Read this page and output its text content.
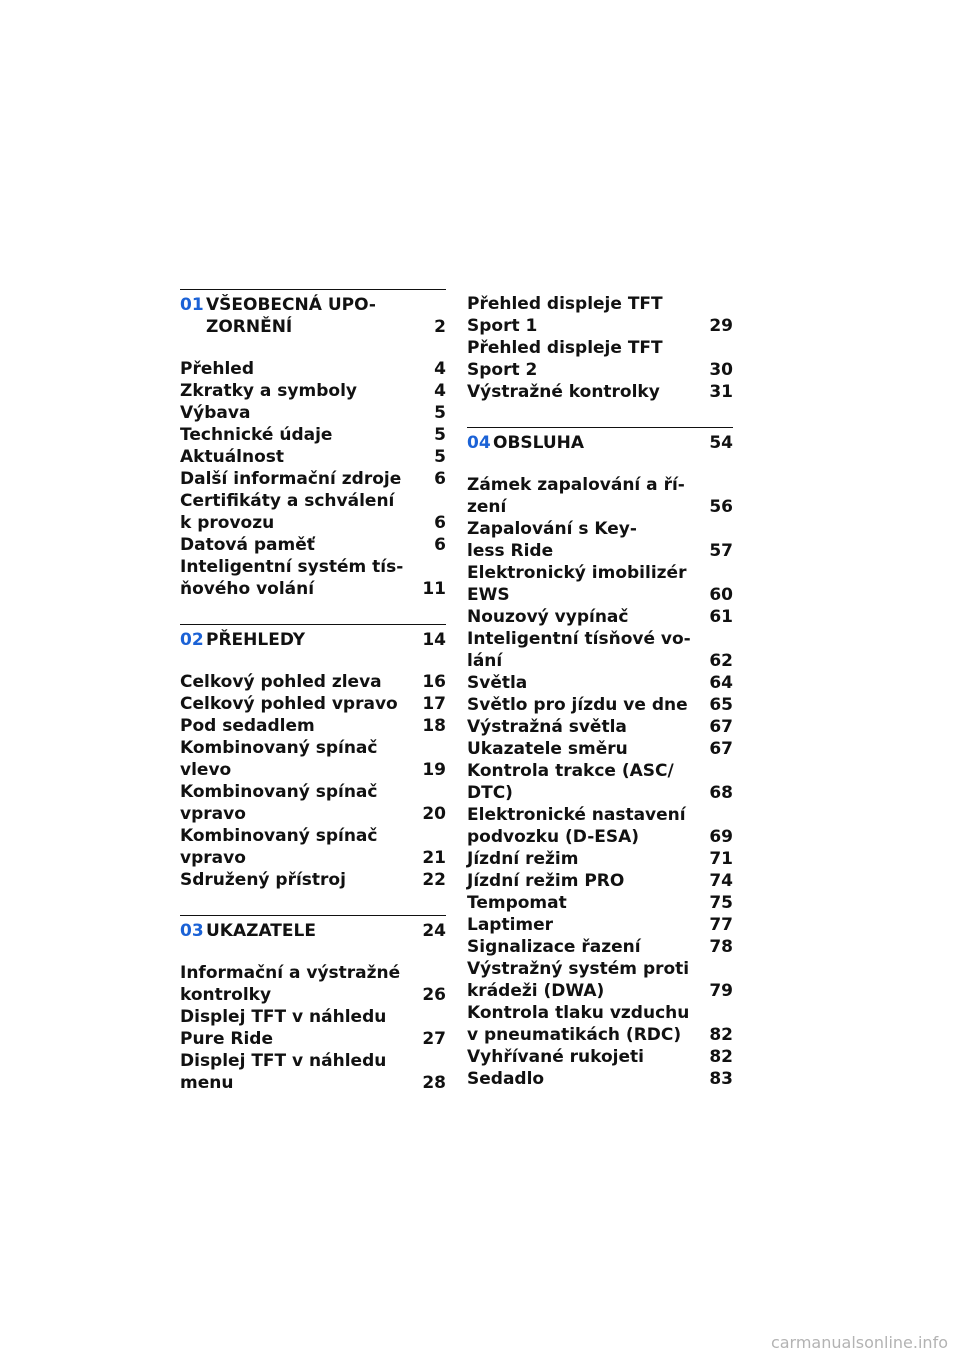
01 VŠEOBECNÁ UPO-
ZORNĚNÍ	2
Přehled	4
Zkratky a symboly	4
Výbava	5
Technické údaje	5
Aktuálnost	5
Další informační zdroje	6
Certifikáty a schválení
k provozu	6
Datová paměť	6
Inteligentní systém tís-
ňového volání	11
02 PŘEHLEDY	14
Celkový pohled zleva 16
Celkový pohled vpravo 17
Pod sedadlem	18
Kombinovaný spínač
vlevo	19
Kombinovaný spínač
vpravo	20
Kombinovaný spínač
vpravo	21
Sdružený přístroj	22
03 UKAZATELE	24
Informační a výstražné
kontrolky	26
Displej TFT v náhledu
Pure Ride	27
Displej TFT v náhledu
menu	28
Přehled displeje TFT
Sport 1	29
Přehled displeje TFT
Sport 2	30
Výstražné kontrolky	31
04 OBSLUHA	54
Zámek zapalování a ří-
zení	56
Zapalování s Key-
less Ride	57
Elektronický imobilizér
EWS	60
Nouzový vypínač	61
Inteligentní tísňové vo-
lání	62
Světla	64
Světlo pro jízdu ve dne 65
Výstražná světla	67
Ukazatele směru	67
Kontrola trakce (ASC/
DTC)	68
Elektronické nastavení
podvozku (D-ESA)	69
Jízdní režim	71
Jízdní režim PRO	74
Tempomat	75
Laptimer	77
Signalizace řazení	78
Výstražný systém proti
krádeži (DWA)	79
Kontrola tlaku vzduchu
v pneumatikách (RDC) 82
Vyhřívané rukojeti	82
Sedadlo	83
carmanualsonline.info
